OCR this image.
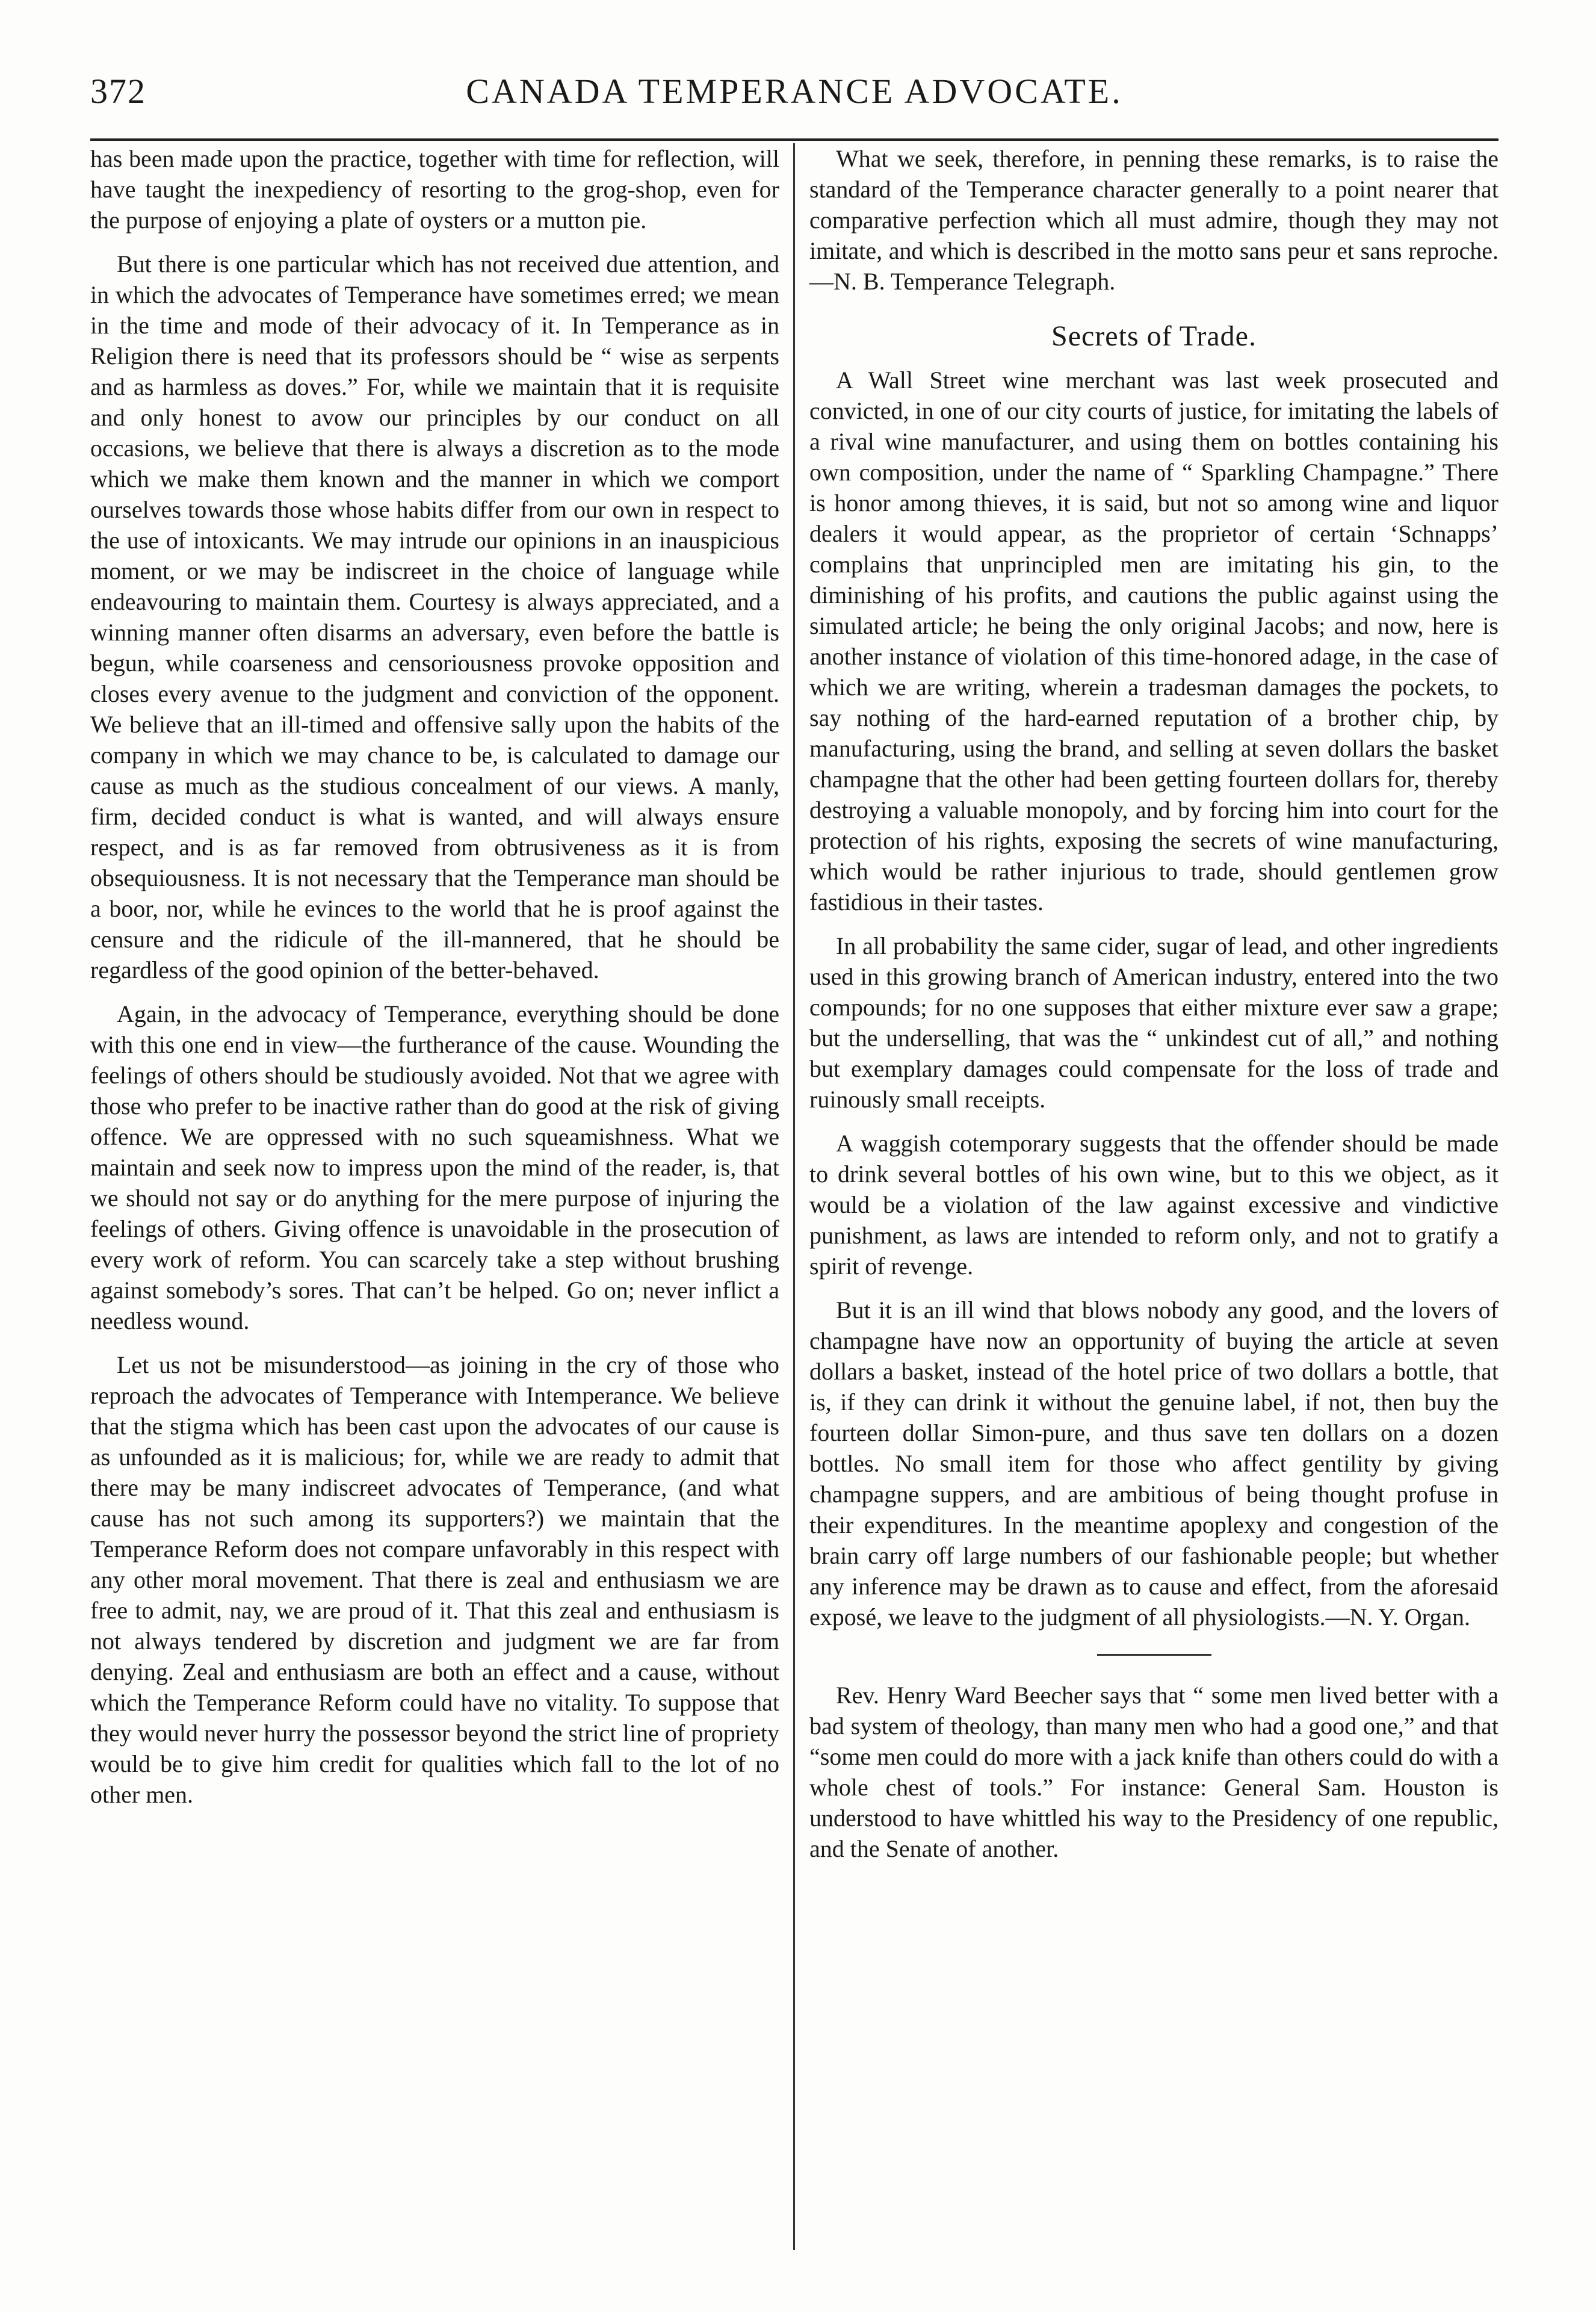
372	CANADA TEMPERANCE ADVOCATE.

has been made upon the practice, together with time for reflection, will have taught the inexpediency of resorting to the grog-shop, even for the purpose of enjoying a plate of oysters or a mutton pie.

But there is one particular which has not received due attention, and in which the advocates of Temperance have sometimes erred; we mean in the time and mode of their advocacy of it. In Temperance as in Religion there is need that its professors should be “ wise as serpents and as harmless as doves.” For, while we maintain that it is requisite and only honest to avow our principles by our conduct on all occasions, we believe that there is always a discretion as to the mode which we make them known and the manner in which we comport ourselves towards those whose habits differ from our own in respect to the use of intoxicants. We may intrude our opinions in an inauspicious moment, or we may be indiscreet in the choice of language while endeavouring to maintain them. Courtesy is always appreciated, and a winning manner often disarms an adversary, even before the battle is begun, while coarseness and censoriousness provoke opposition and closes every avenue to the judgment and conviction of the opponent. We believe that an ill-timed and offensive sally upon the habits of the company in which we may chance to be, is calculated to damage our cause as much as the studious concealment of our views. A manly, firm, decided conduct is what is wanted, and will always ensure respect, and is as far removed from obtrusiveness as it is from obsequiousness. It is not necessary that the Temperance man should be a boor, nor, while he evinces to the world that he is proof against the censure and the ridicule of the ill-mannered, that he should be regardless of the good opinion of the better-behaved.

Again, in the advocacy of Temperance, everything should be done with this one end in view—the furtherance of the cause. Wounding the feelings of others should be studiously avoided. Not that we agree with those who prefer to be inactive rather than do good at the risk of giving offence. We are oppressed with no such squeamishness. What we maintain and seek now to impress upon the mind of the reader, is, that we should not say or do anything for the mere purpose of injuring the feelings of others. Giving offence is unavoidable in the prosecution of every work of reform. You can scarcely take a step without brushing against somebody’s sores. That can’t be helped. Go on; never inflict a needless wound.

Let us not be misunderstood—as joining in the cry of those who reproach the advocates of Temperance with Intemperance. We believe that the stigma which has been cast upon the advocates of our cause is as unfounded as it is malicious; for, while we are ready to admit that there may be many indiscreet advocates of Temperance, (and what cause has not such among its supporters?) we maintain that the Temperance Reform does not compare unfavorably in this respect with any other moral movement. That there is zeal and enthusiasm we are free to admit, nay, we are proud of it. That this zeal and enthusiasm is not always tendered by discretion and judgment we are far from denying. Zeal and enthusiasm are both an effect and a cause, without which the Temperance Reform could have no vitality. To suppose that they would never hurry the possessor beyond the strict line of propriety would be to give him credit for qualities which fall to the lot of no other men.

What we seek, therefore, in penning these remarks, is to raise the standard of the Temperance character generally to a point nearer that comparative perfection which all must admire, though they may not imitate, and which is described in the motto sans peur et sans reproche.—N. B. Temperance Telegraph.

Secrets of Trade.

A Wall Street wine merchant was last week prosecuted and convicted, in one of our city courts of justice, for imitating the labels of a rival wine manufacturer, and using them on bottles containing his own composition, under the name of “ Sparkling Champagne.” There is honor among thieves, it is said, but not so among wine and liquor dealers it would appear, as the proprietor of certain ‘Schnapps’ complains that unprincipled men are imitating his gin, to the diminishing of his profits, and cautions the public against using the simulated article; he being the only original Jacobs; and now, here is another instance of violation of this time-honored adage, in the case of which we are writing, wherein a tradesman damages the pockets, to say nothing of the hard-earned reputation of a brother chip, by manufacturing, using the brand, and selling at seven dollars the basket champagne that the other had been getting fourteen dollars for, thereby destroying a valuable monopoly, and by forcing him into court for the protection of his rights, exposing the secrets of wine manufacturing, which would be rather injurious to trade, should gentlemen grow fastidious in their tastes.

In all probability the same cider, sugar of lead, and other ingredients used in this growing branch of American industry, entered into the two compounds; for no one supposes that either mixture ever saw a grape; but the underselling, that was the “ unkindest cut of all,” and nothing but exemplary damages could compensate for the loss of trade and ruinously small receipts.

A waggish cotemporary suggests that the offender should be made to drink several bottles of his own wine, but to this we object, as it would be a violation of the law against excessive and vindictive punishment, as laws are intended to reform only, and not to gratify a spirit of revenge.

But it is an ill wind that blows nobody any good, and the lovers of champagne have now an opportunity of buying the article at seven dollars a basket, instead of the hotel price of two dollars a bottle, that is, if they can drink it without the genuine label, if not, then buy the fourteen dollar Simon-pure, and thus save ten dollars on a dozen bottles. No small item for those who affect gentility by giving champagne suppers, and are ambitious of being thought profuse in their expenditures. In the meantime apoplexy and congestion of the brain carry off large numbers of our fashionable people; but whether any inference may be drawn as to cause and effect, from the aforesaid exposé, we leave to the judgment of all physiologists.—N. Y. Organ.

Rev. Henry Ward Beecher says that “ some men lived better with a bad system of theology, than many men who had a good one,” and that “some men could do more with a jack knife than others could do with a whole chest of tools.” For instance: General Sam. Houston is understood to have whittled his way to the Presidency of one republic, and the Senate of another.
